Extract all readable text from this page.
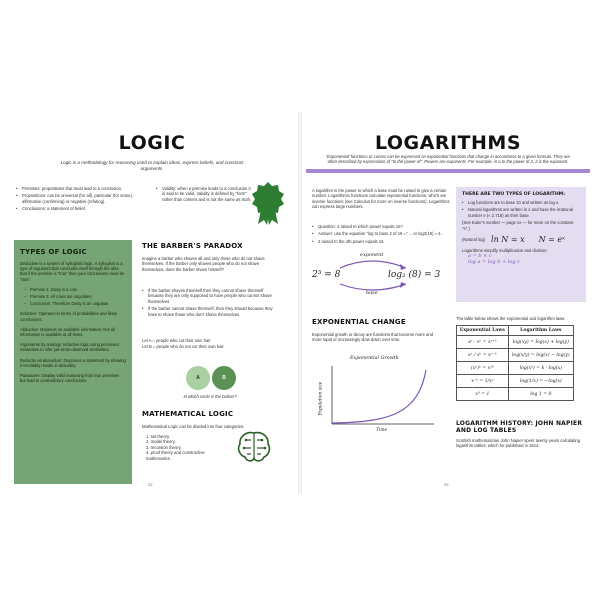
LOGIC
Logic is a methodology for reasoning used to explain ideas, express beliefs, and construct arguments.
• Premises: propositions that must lead to a conclusion.
• Propositions: can be universal (for all), particular (for some), affirmative (confirming) or negative (refuting).
• Conclusions: a statement of belief.
• Validity: when a premise leads to a conclusion it is said to be valid. Validity is defined by "form" rather than content and is not the same as truth.
TYPES OF LOGIC

Deductive is a system of syllogistic logic. A syllogism is a type of argument that concludes itself through the idea that if the premise is "true" then your conclusions must be "true".

– Premise 1: Daisy is a cow.
– Premise 2: All cows are ungulates.
– Conclusion: Therefore Daisy is an ungulate.

Inductive: Operates in terms of probabilities and likely conclusions.

Abductive: Depends on available information. Not all information is available at all times.

Arguments by analogy: Inductive logic using perceived similarities to infer yet-to-be-observed similarities.

Reductio ad absurdum: Disproves a statement by showing it inevitably results in absurdity.

Paradoxes: Display valid reasoning from true premises but lead to contradictory conclusions.

THE BARBER'S PARADOX
Imagine a barber who shaves all and only those who do not shave themselves. If the barber only shaves people who do not shave themselves, does the barber shave himself?
• If the barber shaves themself then they cannot shave themself because they are only supposed to have people who cannot shave themselves.
• If the barber cannot shave themself, then they should because they have to shave those who don't shave themselves.
Let A = people who cut their own hair
Let B = people who do not cut their own hair
A	B
In which circle is the barber?
MATHEMATICAL LOGIC
Mathematical Logic can be divided into four categories:
1. set theory,
2. model theory,
3. recursion theory,
4. proof theory and constructive mathematics.
22
LOGARITHMS
'Exponential' functions or curves can be expressed as exponential functions that change in accordance to a given formula. They are often described by expressions of "to the power of". Powers are exponents. For example, in a to the power of 2, 2 is the exponent.
A logarithm is the power to which a base must be raised to give a certain number. Logarithmic functions calculate exponential functions, which are inverse functions (see Calculus for more on inverse functions). Logarithms can express large numbers.
• Question: 2 raised to which power equals 16?
• Answer: use the equation "log to base 2 of 16 =" ... or log2(16) = 4.
• 2 raised to the 4th power equals 16.
exponent
base
2³ = 8	log₂ (8) = 3
THERE ARE TWO TYPES OF LOGARITHM:
• Log functions are to base 10 and written as log x.
• Natural logarithms are written ln x and have the irrational number e (≈ 2.718) as their base.
(See Euler's number — page xx — for more on the constant "e".)
(Natural log) ln N = x N = eˣ
Logarithms simplify multiplication and division:
a = b × c
log a = log b + log c
EXPONENTIAL CHANGE
Exponential growth or decay are functions that become more and more rapid or increasingly slow down over time.
Exponential Growth
Population size
Time
The table below shows the exponential and logarithm laws.
Exponential Laws	Logarithm Laws
xᵃ · xᵇ = xᵃ⁺ᵇ	log(xy) = log(x) + log(y)
xᵃ / xᵇ = xᵃ⁻ᵇ	log(x/y) = log(x) − log(y)
(xᵃ)ᵇ = xᵃᵇ	log(xᵏ) = k · log(x)
x⁻ᵃ = 1/xᵃ	log(1/x) = −log(x)
x⁰ = 1	log 1 = 0
LOGARITHM HISTORY: JOHN NAPIER AND LOG TABLES
Scottish mathematician John Napier spent twenty years calculating logarithm tables, which he published in 1614.
23
